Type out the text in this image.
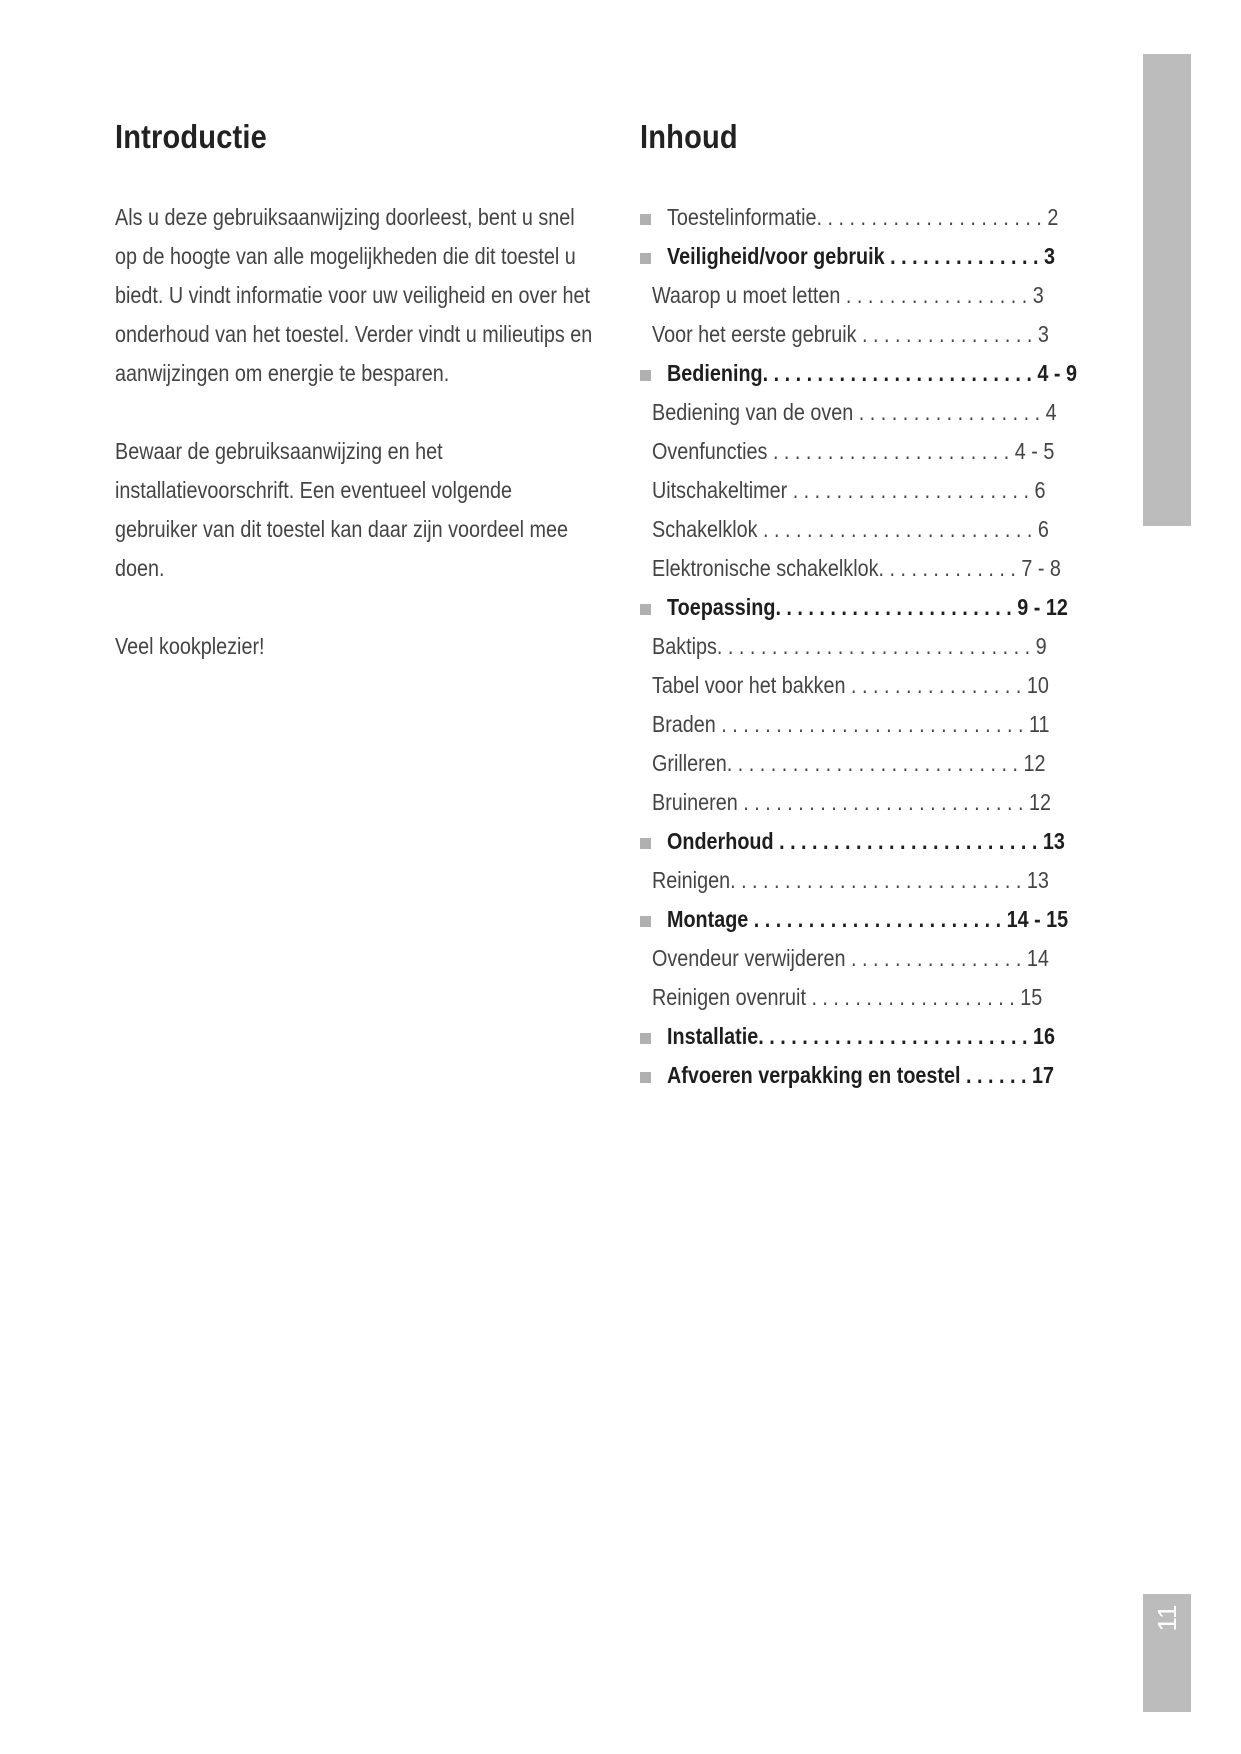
Introductie

Als u deze gebruiksaanwijzing doorleest, bent u snel op de hoogte van alle mogelijkheden die dit toestel u biedt. U vindt informatie voor uw veiligheid en over het onderhoud van het toestel. Verder vindt u milieutips en aanwijzingen om energie te besparen.

Bewaar de gebruiksaanwijzing en het installatievoorschrift. Een eventueel volgende gebruiker van dit toestel kan daar zijn voordeel mee doen.

Veel kookplezier!

Inhoud
Toestelinformatie. . . . . . . . . . . . . . . . . . . . . 2
Veiligheid/voor gebruik . . . . . . . . . . . . . . 3
Waarop u moet letten . . . . . . . . . . . . . . . . . 3
Voor het eerste gebruik . . . . . . . . . . . . . . . . 3
Bediening. . . . . . . . . . . . . . . . . . . . . . . . . 4 - 9
Bediening van de oven . . . . . . . . . . . . . . . . . 4
Ovenfuncties . . . . . . . . . . . . . . . . . . . . . . 4 - 5
Uitschakeltimer . . . . . . . . . . . . . . . . . . . . . . 6
Schakelklok . . . . . . . . . . . . . . . . . . . . . . . . . 6
Elektronische schakelklok. . . . . . . . . . . . . 7 - 8
Toepassing. . . . . . . . . . . . . . . . . . . . . . 9 - 12
Baktips. . . . . . . . . . . . . . . . . . . . . . . . . . . . . 9
Tabel voor het bakken . . . . . . . . . . . . . . . . 10
Braden . . . . . . . . . . . . . . . . . . . . . . . . . . . . 11
Grilleren. . . . . . . . . . . . . . . . . . . . . . . . . . . 12
Bruineren . . . . . . . . . . . . . . . . . . . . . . . . . . 12
Onderhoud . . . . . . . . . . . . . . . . . . . . . . . . 13
Reinigen. . . . . . . . . . . . . . . . . . . . . . . . . . . 13
Montage . . . . . . . . . . . . . . . . . . . . . . . 14 - 15
Ovendeur verwijderen . . . . . . . . . . . . . . . . 14
Reinigen ovenruit . . . . . . . . . . . . . . . . . . . 15
Installatie. . . . . . . . . . . . . . . . . . . . . . . . . 16
Afvoeren verpakking en toestel . . . . . . 17
11
